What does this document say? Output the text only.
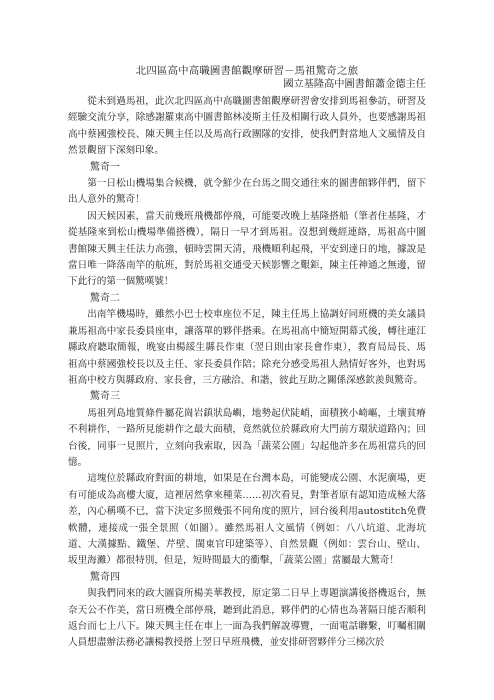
北四區高中高職圖書館觀摩研習－馬祖驚奇之旅

國立基隆高中圖書館蕭金德主任

從未到過馬祖，此次北四區高中高職圖書館觀摩研習會安排到馬祖參訪，研習及經驗交流分享，除感謝羅東高中圖書館林凌斯主任及相關行政人員外，也要感謝馬祖高中蔡國強校長、陳天興主任以及馬高行政團隊的安排，使我們對當地人文風情及自然景觀留下深刻印象。

驚奇一

第一日松山機場集合候機，就令鮮少在台馬之間交通往來的圖書館夥伴們，留下出人意外的驚奇！

因天候因素，當天前幾班飛機都停飛，可能要改晚上基隆搭船（筆者住基隆，才從基隆來到松山機場準備搭機），隔日一早才到馬祖。沒想到幾經連絡，馬祖高中圖書館陳天興主任法力高強，頓時雲開天清，飛機順利起飛，平安到達日的地，據說是當日唯一降落南竿的航班，對於馬祖交通受天候影響之艱鉅，陳主任神通之無邊，留下此行的第一個驚嘆號！

驚奇二

出南竿機場時，雖然小巴士校車座位不足，陳主任馬上協調好同班機的美女議員兼馬祖高中家長委員座車，讓落單的夥伴搭乘。在馬祖高中簡短開幕式後，轉往連江縣政府聽取簡報，晚宴由楊綏生縣長作東（翌日則由家長會作東），教育局局長、馬祖高中蔡國強校長以及主任、家長委員作陪；除充分感受馬祖人熱情好客外，也對馬祖高中校方與縣政府、家長會，三方融洽、和諧，彼此互助之關係深感欽羨與驚奇。

驚奇三

馬祖列島地質條件屬花崗岩鎮狀島嶼，地勢起伏陡峭，面積狹小崎嶇，土壤貧瘠不利耕作，一路所見能耕作之最大面積，竟然就位於縣政府大門前方環狀道路內；回台後，同事一見照片，立刻向我索取，因為「蔬菜公園」勾起他許多在馬祖當兵的回憶。

這塊位於縣政府對面的耕地，如果是在台灣本島，可能變成公園、水泥廣場，更有可能成為高樓大廈，這裡居然拿來種菜……初次看見，對筆者原有認知造成極大落差，內心稱嘆不已，當下決定多照幾張不同角度的照片，回台後利用autostitch免費軟體，連接成一張全景照（如圖）。雖然馬祖人文風情（例如：八八坑道、北海坑道、大漢據點、鐵堡、芹壁、閩東官印建築等）、自然景觀（例如：雲台山、壁山、坂里海灘）都很特別，但是，短時間最大的衝擊，「蔬菜公園」當屬最大驚奇！

驚奇四

與我們同來的政大圖資所楊美華教授，原定第二日早上專題演講後搭機返台，無奈天公不作美，當日班機全部停飛，聽到此消息，夥伴們的心情也為著隔日能否順利返台而七上八下。陳天興主任在車上一面為我們解說導覽，一面電話聯繫，叮囑相關人員想盡辦法務必讓楊教授搭上翌日早班飛機，並安排研習夥伴分三梯次於
